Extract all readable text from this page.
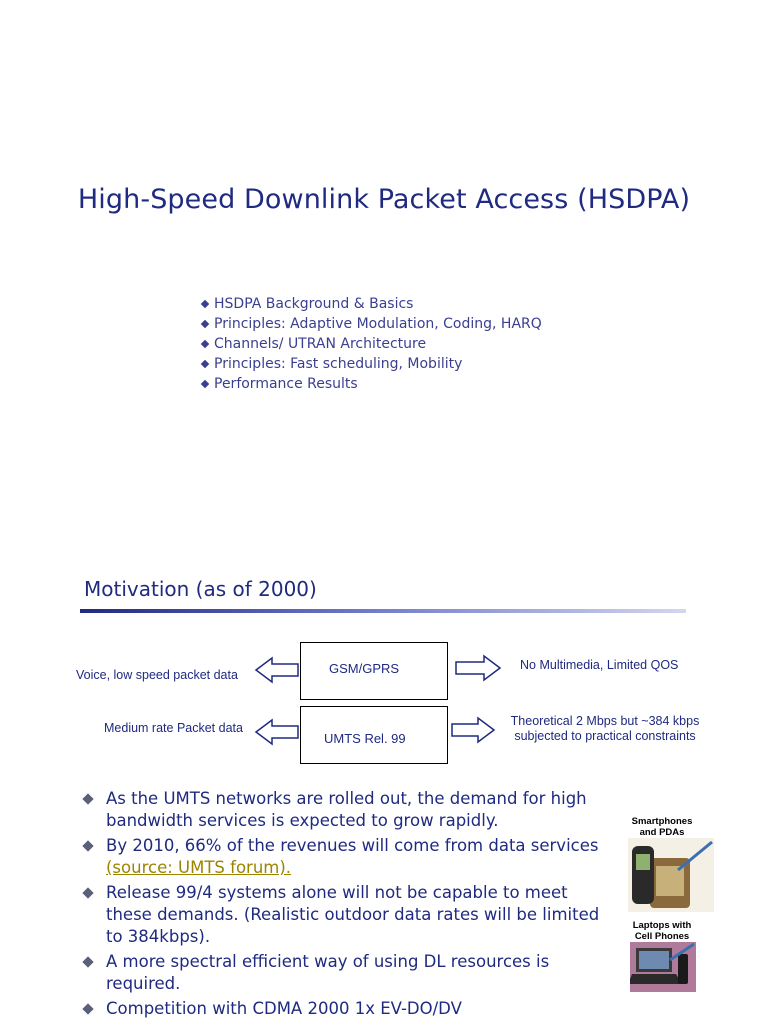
High-Speed Downlink Packet Access (HSDPA)
HSDPA Background & Basics
Principles: Adaptive Modulation, Coding, HARQ
Channels/ UTRAN Architecture
Principles: Fast scheduling, Mobility
Performance Results
Motivation (as of 2000)
GSM/GPRS
UMTS Rel. 99
Voice, low speed packet data
No Multimedia, Limited QOS
Medium rate Packet data	Theoretical 2 Mbps but ~384 kbps
subjected to practical constraints
As the UMTS networks are rolled out, the demand for high bandwidth services is expected to grow rapidly.
By 2010, 66% of the revenues will come from data services (source: UMTS forum).
Release 99/4 systems alone will not be capable to meet these demands. (Realistic outdoor data rates will be limited to 384kbps).
A more spectral efficient way of using DL resources is required.
Competition with CDMA 2000 1x EV-DO/DV
Smartphones
and PDAs
Laptops with
Cell Phones
